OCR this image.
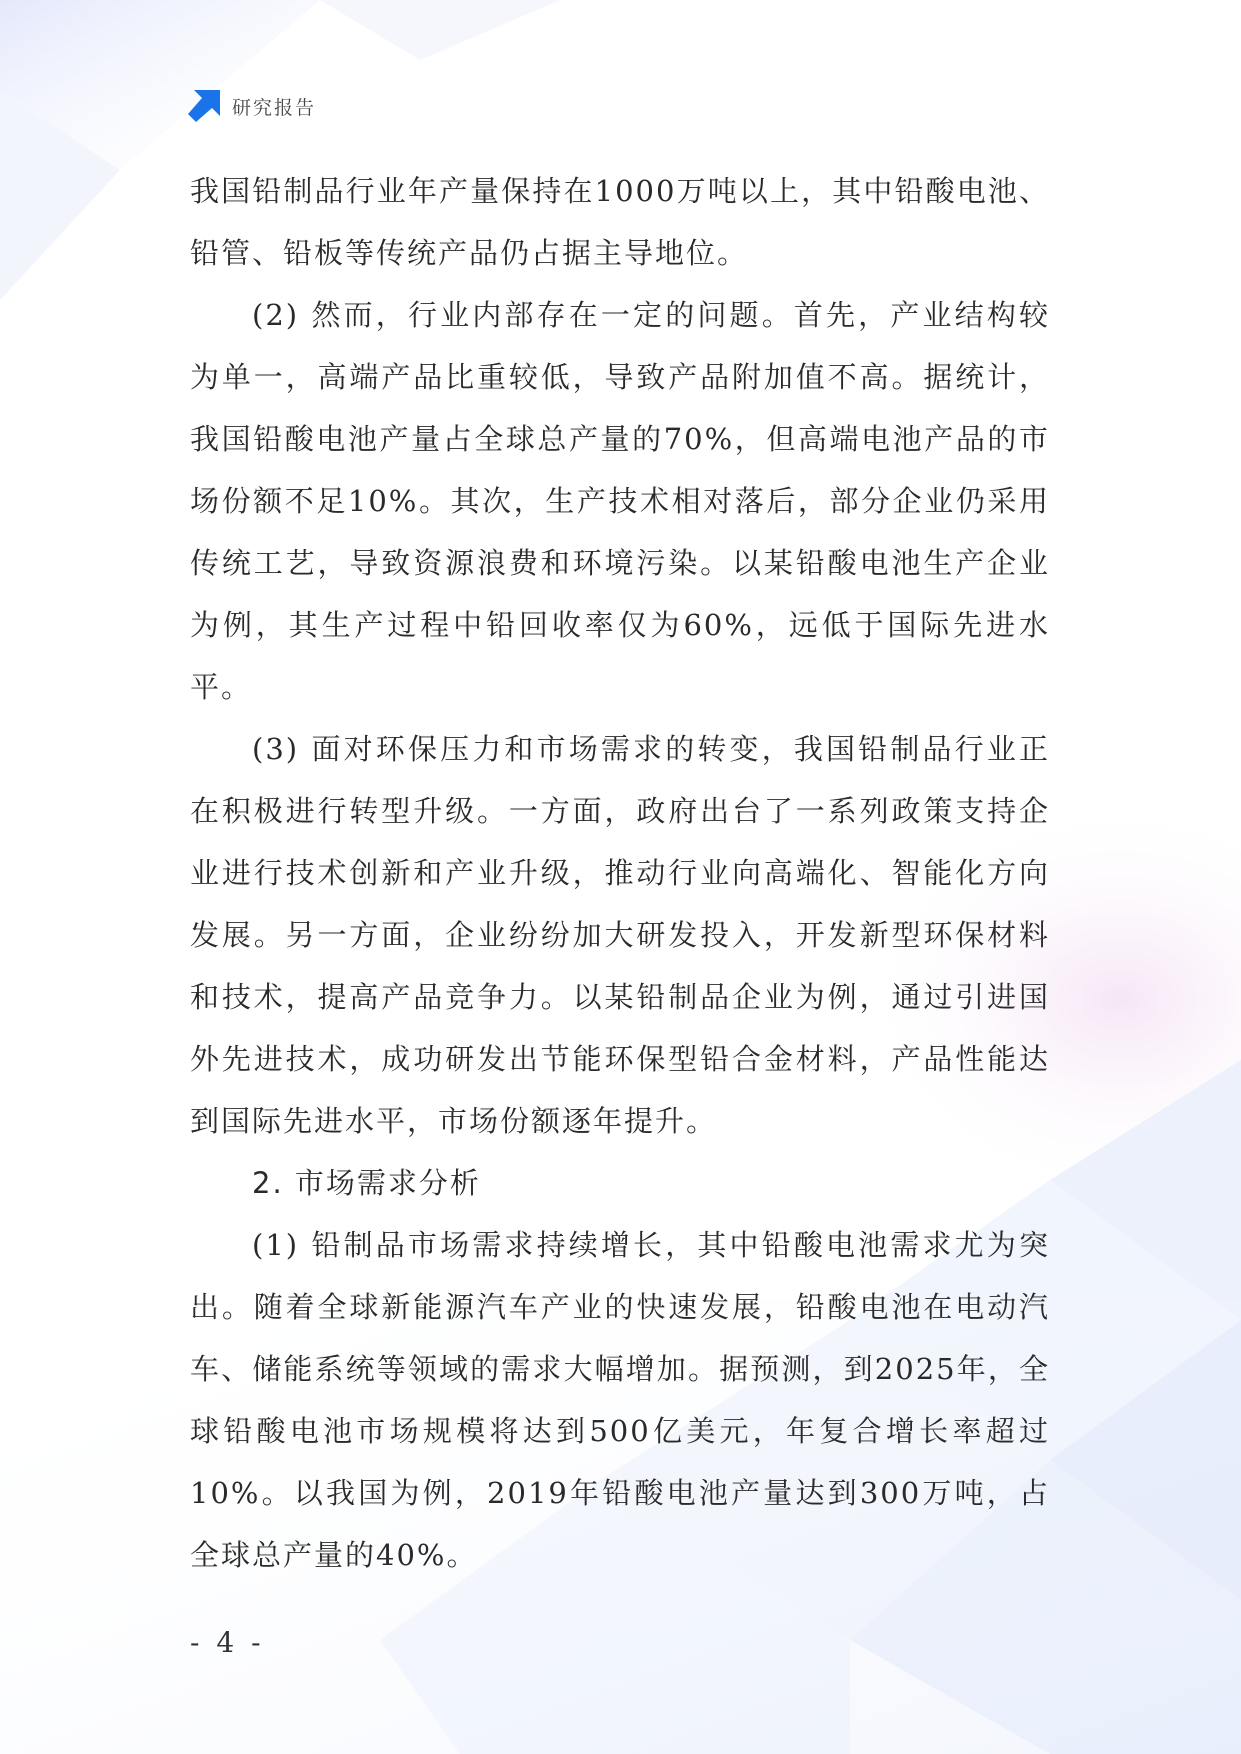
研究报告

我国铅制品行业年产量保持在1000万吨以上，其中铅酸电池、铅管、铅板等传统产品仍占据主导地位。

(2) 然而，行业内部存在一定的问题。首先，产业结构较为单一，高端产品比重较低，导致产品附加值不高。据统计，我国铅酸电池产量占全球总产量的70%，但高端电池产品的市场份额不足10%。其次，生产技术相对落后，部分企业仍采用传统工艺，导致资源浪费和环境污染。以某铅酸电池生产企业为例，其生产过程中铅回收率仅为60%，远低于国际先进水平。

(3) 面对环保压力和市场需求的转变，我国铅制品行业正在积极进行转型升级。一方面，政府出台了一系列政策支持企业进行技术创新和产业升级，推动行业向高端化、智能化方向发展。另一方面，企业纷纷加大研发投入，开发新型环保材料和技术，提高产品竞争力。以某铅制品企业为例，通过引进国外先进技术，成功研发出节能环保型铅合金材料，产品性能达到国际先进水平，市场份额逐年提升。

2. 市场需求分析

(1) 铅制品市场需求持续增长，其中铅酸电池需求尤为突出。随着全球新能源汽车产业的快速发展，铅酸电池在电动汽车、储能系统等领域的需求大幅增加。据预测，到2025年，全球铅酸电池市场规模将达到500亿美元，年复合增长率超过10%。以我国为例，2019年铅酸电池产量达到300万吨，占全球总产量的40%。

- 4 -
